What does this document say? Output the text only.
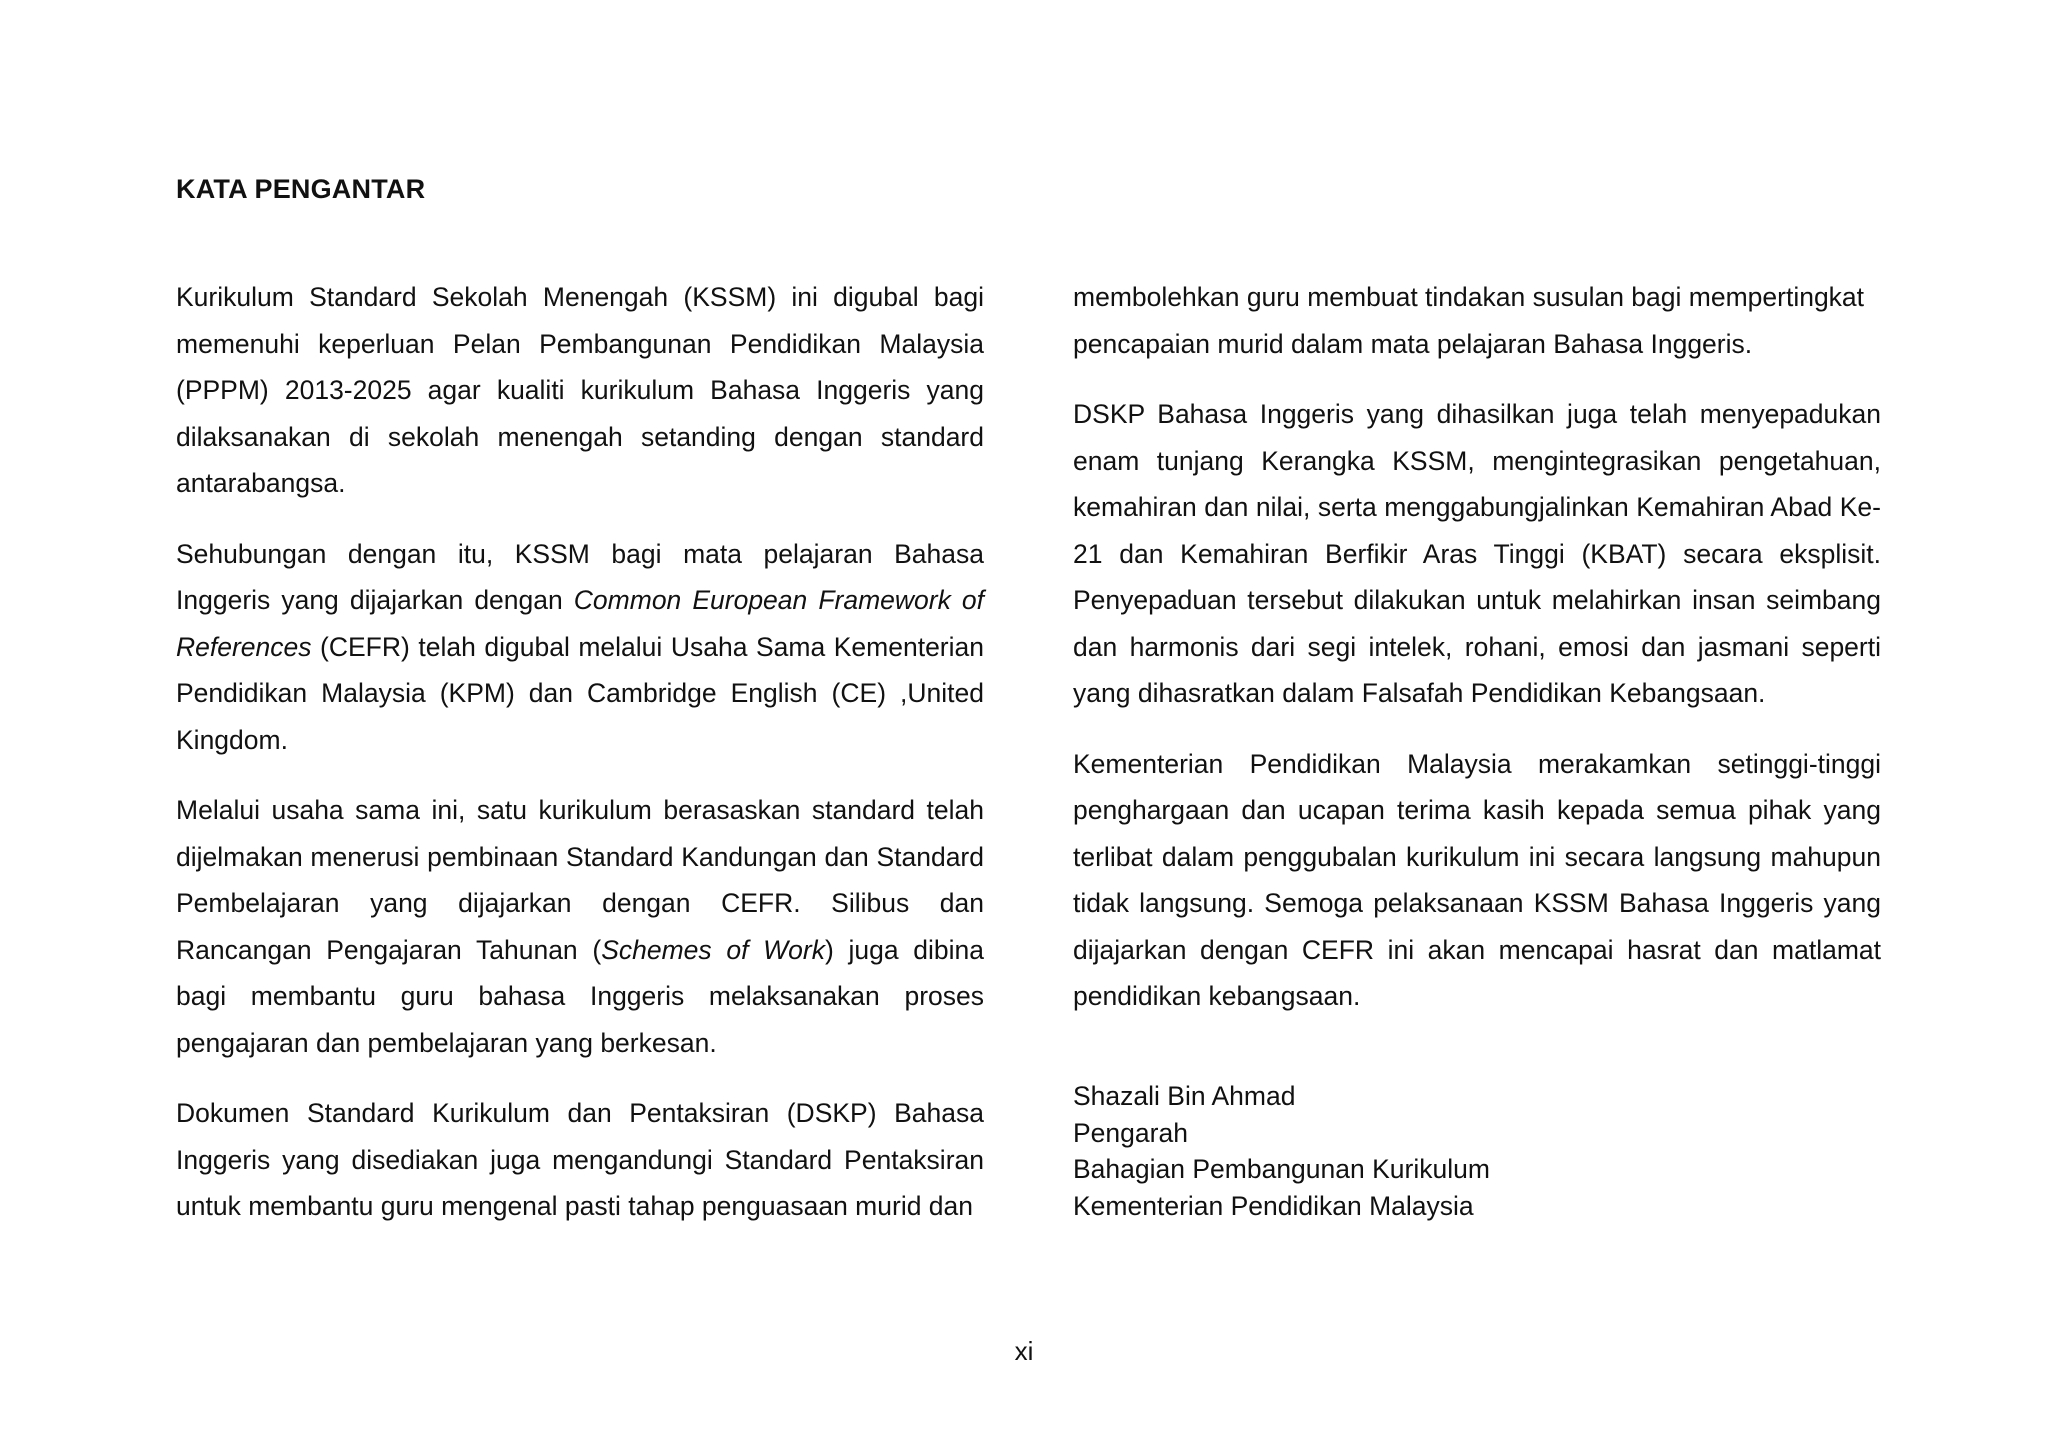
KATA PENGANTAR

Kurikulum Standard Sekolah Menengah (KSSM) ini digubal bagi memenuhi keperluan Pelan Pembangunan Pendidikan Malaysia (PPPM) 2013-2025 agar kualiti kurikulum Bahasa Inggeris yang dilaksanakan di sekolah menengah setanding dengan standard antarabangsa.

Sehubungan dengan itu, KSSM bagi mata pelajaran Bahasa Inggeris yang dijajarkan dengan Common European Framework of References (CEFR) telah digubal melalui Usaha Sama Kementerian Pendidikan Malaysia (KPM) dan Cambridge English (CE) ,United Kingdom.

Melalui usaha sama ini, satu kurikulum berasaskan standard telah dijelmakan menerusi pembinaan Standard Kandungan dan Standard Pembelajaran yang dijajarkan dengan CEFR. Silibus dan Rancangan Pengajaran Tahunan (Schemes of Work) juga dibina bagi membantu guru bahasa Inggeris melaksanakan proses pengajaran dan pembelajaran yang berkesan.

Dokumen Standard Kurikulum dan Pentaksiran (DSKP) Bahasa Inggeris yang disediakan juga mengandungi Standard Pentaksiran untuk membantu guru mengenal pasti tahap penguasaan murid dan

membolehkan guru membuat tindakan susulan bagi mempertingkat pencapaian murid dalam mata pelajaran Bahasa Inggeris.

DSKP Bahasa Inggeris yang dihasilkan juga telah menyepadukan enam tunjang Kerangka KSSM, mengintegrasikan pengetahuan, kemahiran dan nilai, serta menggabungjalinkan Kemahiran Abad Ke-21 dan Kemahiran Berfikir Aras Tinggi (KBAT) secara eksplisit. Penyepaduan tersebut dilakukan untuk melahirkan insan seimbang dan harmonis dari segi intelek, rohani, emosi dan jasmani seperti yang dihasratkan dalam Falsafah Pendidikan Kebangsaan.

Kementerian Pendidikan Malaysia merakamkan setinggi-tinggi penghargaan dan ucapan terima kasih kepada semua pihak yang terlibat dalam penggubalan kurikulum ini secara langsung mahupun tidak langsung. Semoga pelaksanaan KSSM Bahasa Inggeris yang dijajarkan dengan CEFR ini akan mencapai hasrat dan matlamat pendidikan kebangsaan.

Shazali Bin Ahmad
Pengarah
Bahagian Pembangunan Kurikulum
Kementerian Pendidikan Malaysia
xi
